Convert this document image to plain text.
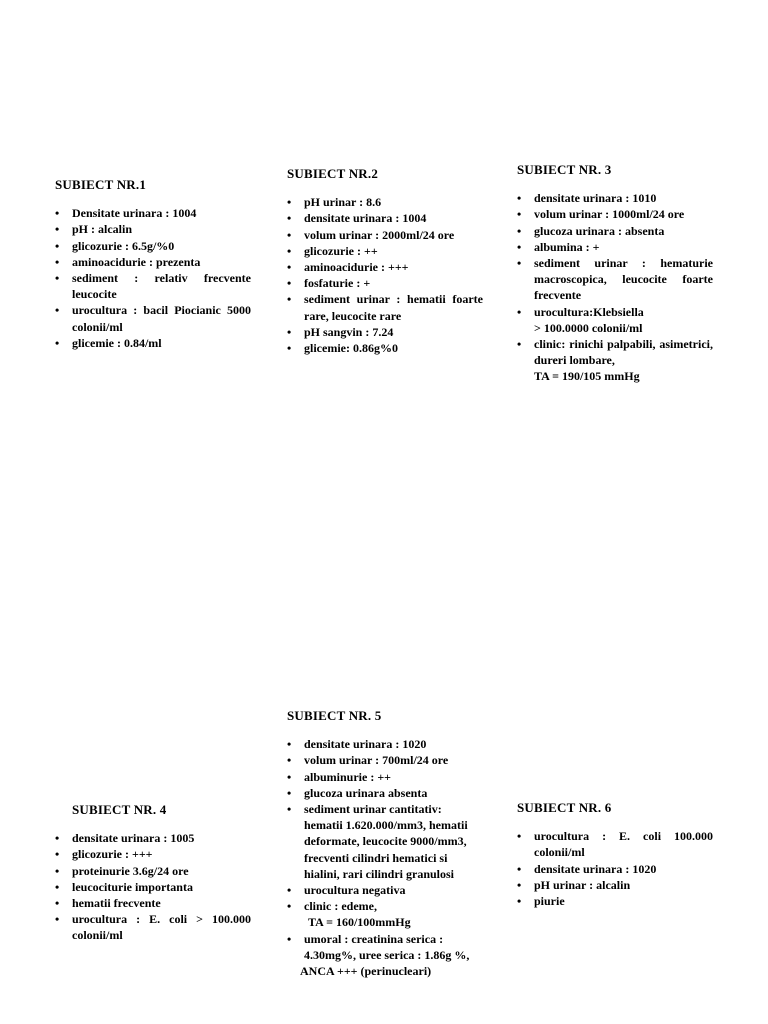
SUBIECT NR.1
• Densitate urinara : 1004
• pH : alcalin
• glicozurie : 6.5g/%0
• aminoacidurie : prezenta
• sediment : relativ frecvente leucocite
• urocultura : bacil Piocianic 5000 colonii/ml
• glicemie : 0.84/ml
SUBIECT NR.2
• pH urinar : 8.6
• densitate urinara : 1004
• volum urinar : 2000ml/24 ore
• glicozurie : ++
• aminoacidurie : +++
• fosfaturie : +
• sediment urinar : hematii foarte rare, leucocite rare
• pH sangvin : 7.24
• glicemie: 0.86g%0
SUBIECT NR. 3
• densitate urinara : 1010
• volum urinar : 1000ml/24 ore
• glucoza urinara : absenta
• albumina : +
• sediment urinar : hematurie macroscopica, leucocite foarte frecvente
• urocultura:Klebsiella
> 100.0000 colonii/ml
• clinic: rinichi palpabili, asimetrici, dureri lombare,
TA = 190/105 mmHg
SUBIECT NR. 4
• densitate urinara : 1005
• glicozurie : +++
• proteinurie 3.6g/24 ore
• leucociturie importanta
• hematii frecvente
• urocultura : E. coli > 100.000 colonii/ml
SUBIECT NR. 5
• densitate urinara : 1020
• volum urinar : 700ml/24 ore
• albuminurie : ++
• glucoza urinara absenta
• sediment urinar cantitativ: hematii 1.620.000/mm3, hematii deformate, leucocite 9000/mm3, frecventi cilindri hematici si hialini, rari cilindri granulosi
• urocultura negativa
• clinic : edeme,
TA = 160/100mmHg
• umoral : creatinina serica : 4.30mg%, uree serica : 1.86g %,
ANCA +++ (perinucleari)
SUBIECT NR. 6
• urocultura : E. coli 100.000 colonii/ml
• densitate urinara : 1020
• pH urinar : alcalin
• piurie
